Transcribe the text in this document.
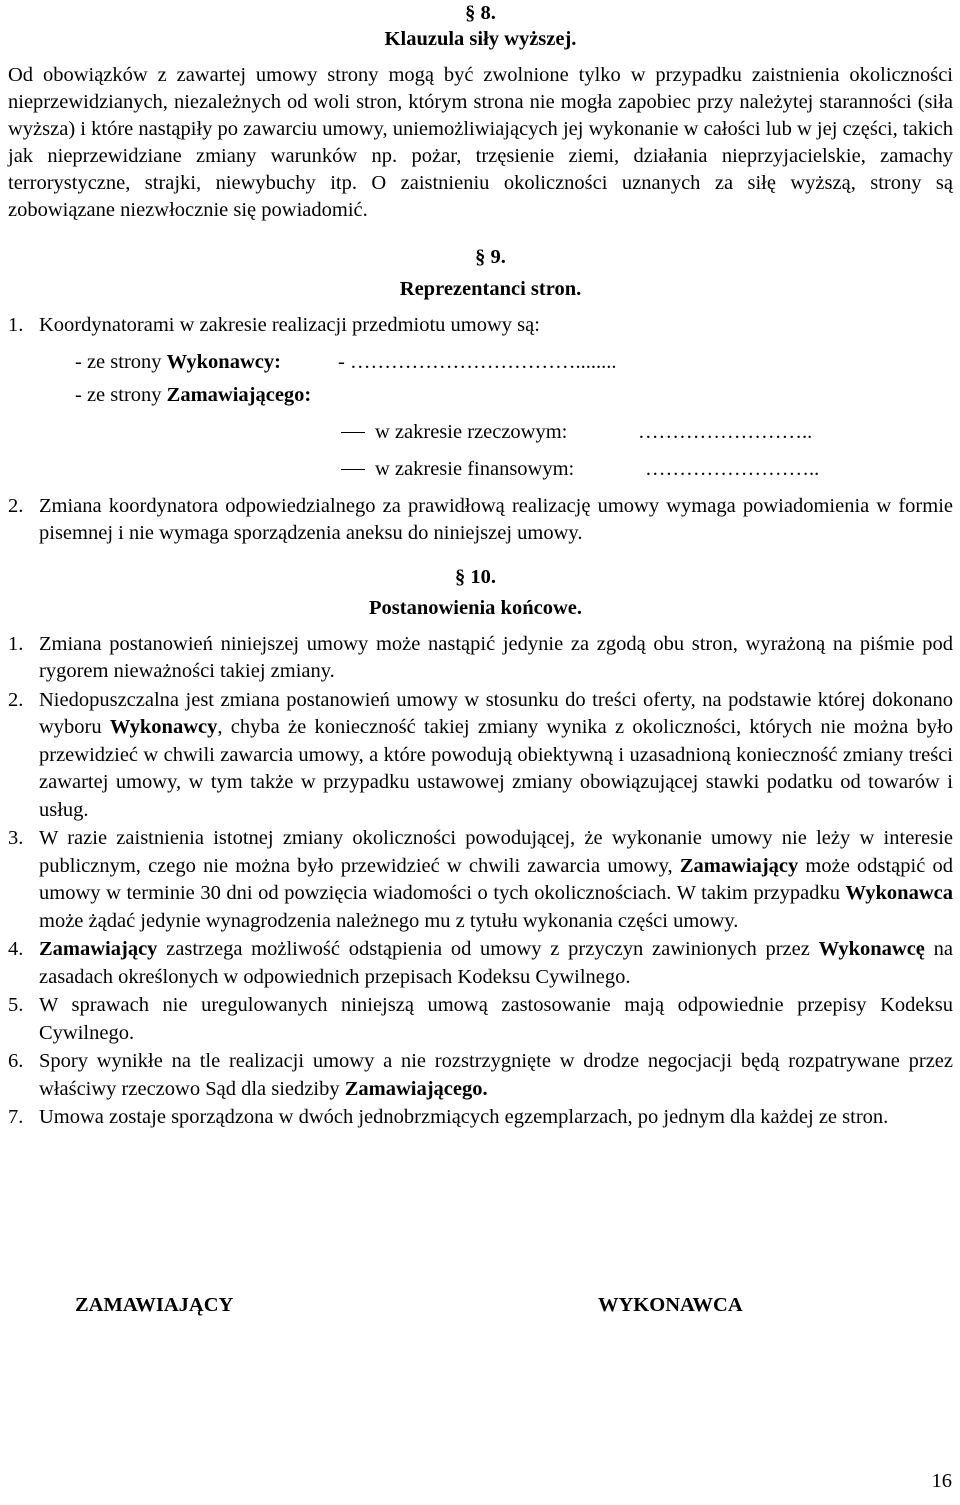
§ 8.
Klauzula siły wyższej.

Od obowiązków z zawartej umowy strony mogą być zwolnione tylko w przypadku zaistnienia okoliczności nieprzewidzianych, niezależnych od woli stron, którym strona nie mogła zapobiec przy należytej staranności (siła wyższa) i które nastąpiły po zawarciu umowy, uniemożliwiających jej wykonanie w całości lub w jej części, takich jak nieprzewidziane zmiany warunków np. pożar, trzęsienie ziemi, działania nieprzyjacielskie, zamachy terrorystyczne, strajki, niewybuchy itp. O zaistnieniu okoliczności uznanych za siłę wyższą, strony są zobowiązane niezwłocznie się powiadomić.

§ 9.
Reprezentanci stron.
1. Koordynatorami w zakresie realizacji przedmiotu umowy są:
- ze strony Wykonawcy:	- ……………………………........
- ze strony Zamawiającego:
w zakresie rzeczowym:	……………………..
w zakresie finansowym:	……………………..
2. Zmiana koordynatora odpowiedzialnego za prawidłową realizację umowy wymaga powiadomienia w formie pisemnej i nie wymaga sporządzenia aneksu do niniejszej umowy.
§ 10.
Postanowienia końcowe.
1. Zmiana postanowień niniejszej umowy może nastąpić jedynie za zgodą obu stron, wyrażoną na piśmie pod rygorem nieważności takiej zmiany.
2. Niedopuszczalna jest zmiana postanowień umowy w stosunku do treści oferty, na podstawie której dokonano wyboru Wykonawcy, chyba że konieczność takiej zmiany wynika z okoliczności, których nie można było przewidzieć w chwili zawarcia umowy, a które powodują obiektywną i uzasadnioną konieczność zmiany treści zawartej umowy, w tym także w przypadku ustawowej zmiany obowiązującej stawki podatku od towarów i usług.
3. W razie zaistnienia istotnej zmiany okoliczności powodującej, że wykonanie umowy nie leży w interesie publicznym, czego nie można było przewidzieć w chwili zawarcia umowy, Zamawiający może odstąpić od umowy w terminie 30 dni od powzięcia wiadomości o tych okolicznościach. W takim przypadku Wykonawca może żądać jedynie wynagrodzenia należnego mu z tytułu wykonania części umowy.
4. Zamawiający zastrzega możliwość odstąpienia od umowy z przyczyn zawinionych przez Wykonawcę na zasadach określonych w odpowiednich przepisach Kodeksu Cywilnego.
5. W sprawach nie uregulowanych niniejszą umową zastosowanie mają odpowiednie przepisy Kodeksu Cywilnego.
6. Spory wynikłe na tle realizacji umowy a nie rozstrzygnięte w drodze negocjacji będą rozpatrywane przez właściwy rzeczowo Sąd dla siedziby Zamawiającego.
7. Umowa zostaje sporządzona w dwóch jednobrzmiących egzemplarzach, po jednym dla każdej ze stron.
ZAMAWIAJĄCY	WYKONAWCA
16
